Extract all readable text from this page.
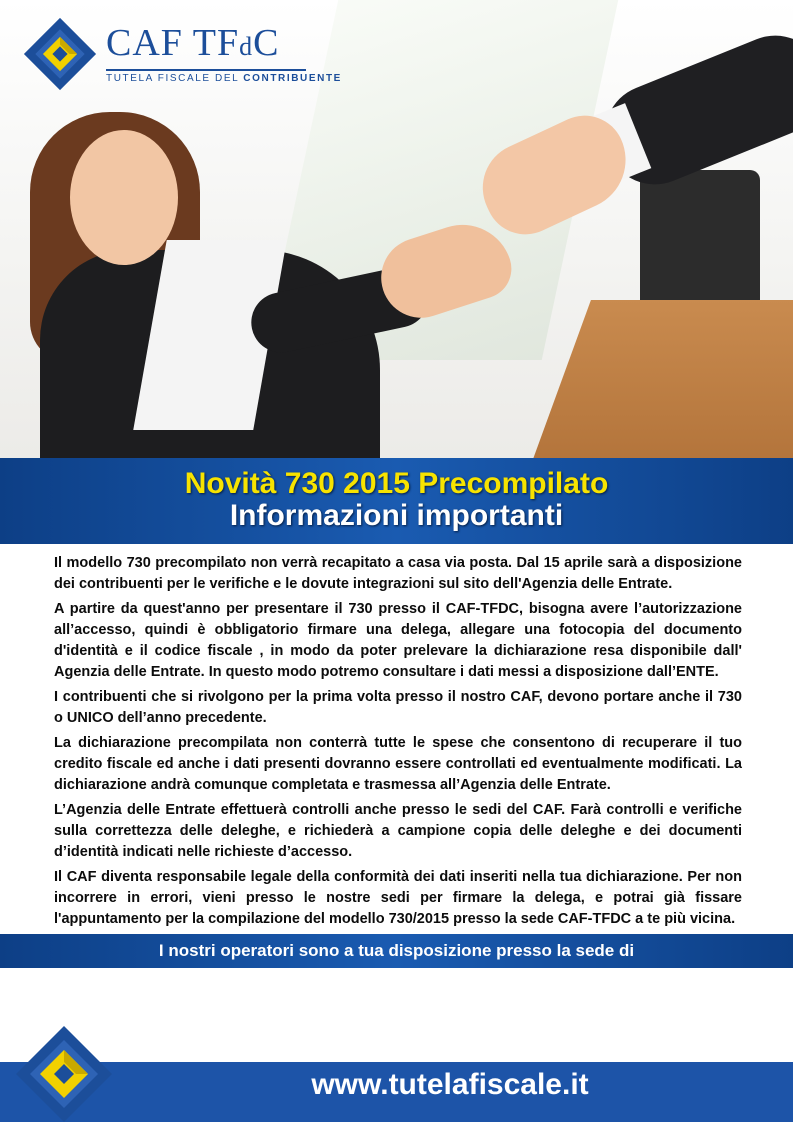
CAF TFdC
TUTELA FISCALE DEL CONTRIBUENTE
Novità 730 2015 Precompilato
Informazioni importanti

Il modello 730 precompilato non verrà recapitato a casa via posta. Dal 15 aprile sarà a disposizione dei contribuenti per le verifiche e le dovute integrazioni sul sito dell'Agenzia delle Entrate.

A partire da quest'anno per presentare il 730 presso il CAF-TFDC, bisogna avere l’autorizzazione all’accesso, quindi è obbligatorio firmare una delega, allegare una fotocopia del documento d'identità e il codice fiscale , in modo da poter prelevare la dichiarazione resa disponibile dall' Agenzia delle Entrate. In questo modo potremo consultare i dati messi a disposizione dall’ENTE.

I contribuenti che si rivolgono per la prima volta presso il nostro CAF, devono portare anche il 730 o UNICO dell’anno precedente.

La dichiarazione precompilata non conterrà tutte le spese che consentono di recuperare il tuo credito fiscale ed anche i dati presenti dovranno essere controllati ed eventualmente modificati. La dichiarazione andrà comunque completata e trasmessa all’Agenzia delle Entrate.

L’Agenzia delle Entrate effettuerà controlli anche presso le sedi del CAF. Farà controlli e verifiche sulla correttezza delle deleghe, e richiederà a campione copia delle deleghe e dei documenti d’identità indicati nelle richieste d’accesso.

Il CAF diventa responsabile legale della conformità dei dati inseriti nella tua dichiarazione. Per non incorrere in errori, vieni presso le nostre sedi per firmare la delega, e potrai già fissare l'appuntamento per la compilazione del modello 730/2015 presso la sede CAF-TFDC a te più vicina.

I nostri operatori sono a tua disposizione presso la sede di
www.tutelafiscale.it
